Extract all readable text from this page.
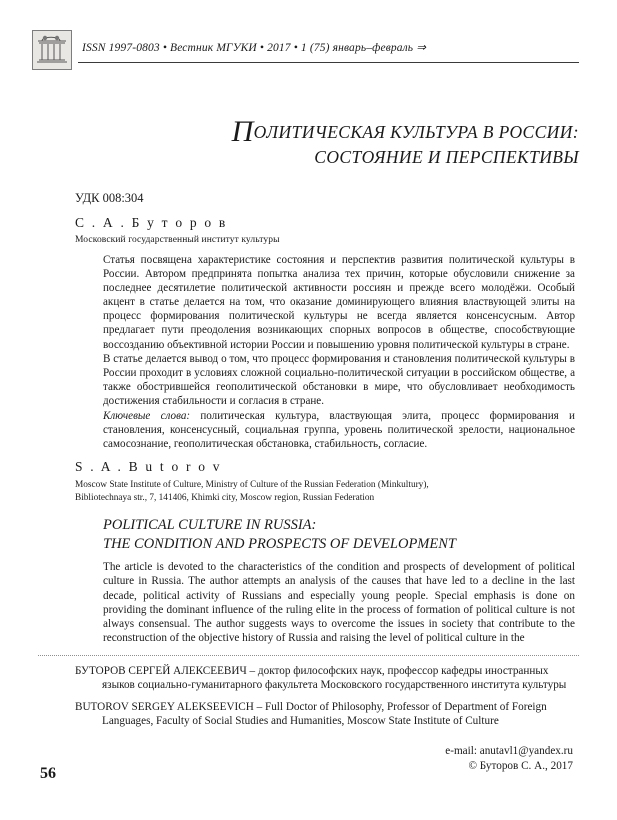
ISSN 1997-0803 • Вестник МГУКИ • 2017 • 1 (75) январь–февраль ⇒
ПОЛИТИЧЕСКАЯ КУЛЬТУРА В РОССИИ:
СОСТОЯНИЕ И ПЕРСПЕКТИВЫ
УДК 008:304
С . А . Б у т о р о в
Московский государственный институт культуры

Статья посвящена характеристике состояния и перспектив развития политической культуры в России. Автором предпринята попытка анализа тех причин, которые обусловили снижение за последнее десятилетие политической активности россиян и прежде всего молодёжи. Особый акцент в статье делается на том, что оказание доминирующего влияния властвующей элиты на процесс формирования политической культуры не всегда является консенсусным. Автор предлагает пути преодоления возникающих спорных вопросов в обществе, способствующие воссозданию объективной истории России и повышению уровня политической культуры в стране.

В статье делается вывод о том, что процесс формирования и становления политической культуры в России проходит в условиях сложной социально-политической ситуации в российском обществе, а также обострившейся геополитической обстановки в мире, что обусловливает необходимость достижения стабильности и согласия в стране.

Ключевые слова: политическая культура, властвующая элита, процесс формирования и становления, консенсусный, социальная группа, уровень политической зрелости, национальное самосознание, геополитическая обстановка, стабильность, согласие.
S . A . B u t o r o v
Moscow State Institute of Culture, Ministry of Culture of the Russian Federation (Minkultury),
Bibliotechnaya str., 7, 141406, Khimki city, Moscow region, Russian Federation
POLITICAL CULTURE IN RUSSIA:
THE CONDITION AND PROSPECTS OF DEVELOPMENT
The article is devoted to the characteristics of the condition and prospects of development of political culture in Russia. The author attempts an analysis of the causes that have led to a decline in the last decade, political activity of Russians and especially young people. Special emphasis is done on providing the dominant influence of the ruling elite in the process of formation of political culture is not always consensual. The author suggests ways to overcome the issues in society that contribute to the reconstruction of the objective history of Russia and raising the level of political culture in the
БУТОРОВ СЕРГЕЙ АЛЕКСЕЕВИЧ – доктор философских наук, профессор кафедры иностранных языков социально-гуманитарного факультета Московского государственного института культуры
BUTOROV SERGEY ALEKSEEVICH – Full Doctor of Philosophy, Professor of Department of Foreign Languages, Faculty of Social Studies and Humanities, Moscow State Institute of Culture
e-mail: anutavl1@yandex.ru
© Буторов С. А., 2017
56
